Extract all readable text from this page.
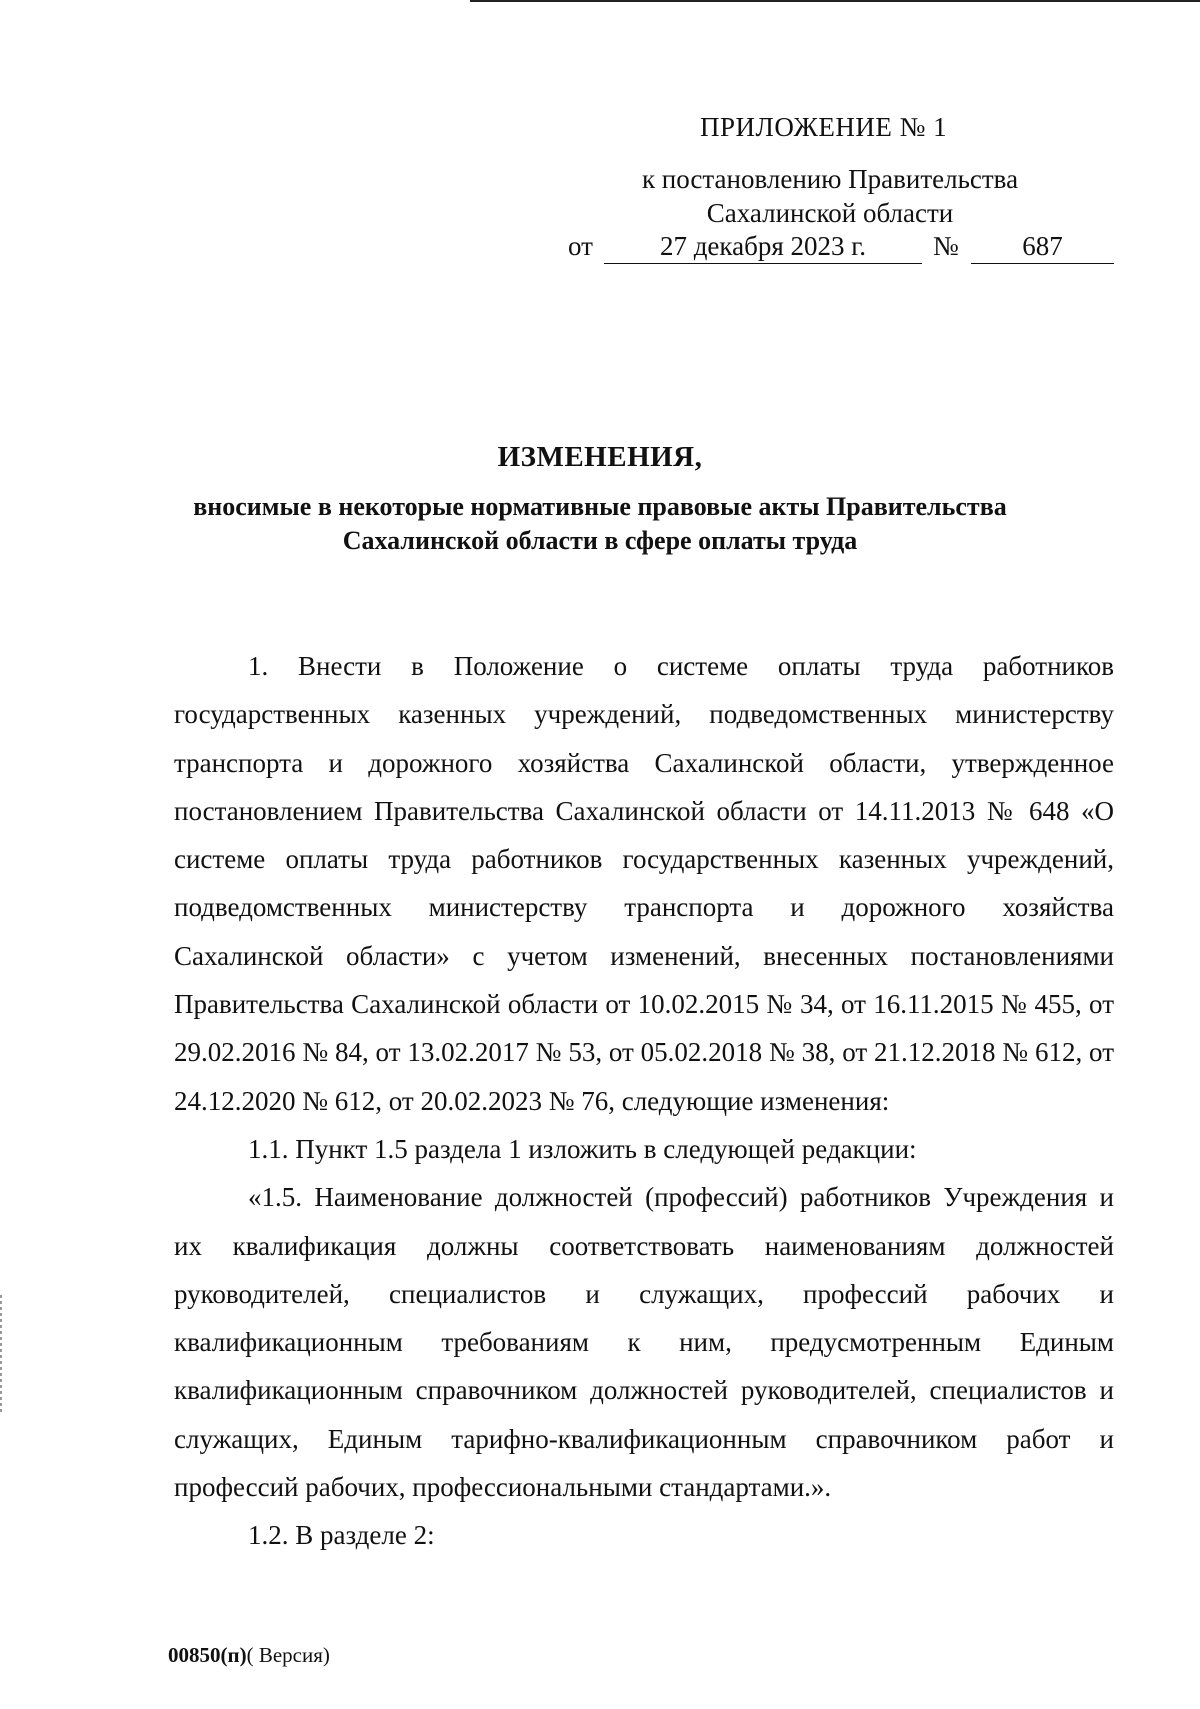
ПРИЛОЖЕНИЕ № 1
к постановлению Правительства
Сахалинской области
от	27 декабря 2023 г.	№	687
ИЗМЕНЕНИЯ,
вносимые в некоторые нормативные правовые акты Правительства
Сахалинской области в сфере оплаты труда

1. Внести в Положение о системе оплаты труда работников государственных казенных учреждений, подведомственных министерству транспорта и дорожного хозяйства Сахалинской области, утвержденное постановлением Правительства Сахалинской области от 14.11.2013 № 648 «О системе оплаты труда работников государственных казенных учреждений, подведомственных министерству транспорта и дорожного хозяйства Сахалинской области» с учетом изменений, внесенных постановлениями Правительства Сахалинской области от 10.02.2015 № 34, от 16.11.2015 № 455, от 29.02.2016 № 84, от 13.02.2017 № 53, от 05.02.2018 № 38, от 21.12.2018 № 612, от 24.12.2020 № 612, от 20.02.2023 № 76, следующие изменения:

1.1. Пункт 1.5 раздела 1 изложить в следующей редакции:

«1.5. Наименование должностей (профессий) работников Учреждения и их квалификация должны соответствовать наименованиям должностей руководителей, специалистов и служащих, профессий рабочих и квалификационным требованиям к ним, предусмотренным Единым квалификационным справочником должностей руководителей, специалистов и служащих, Единым тарифно-квалификационным справочником работ и профессий рабочих, профессиональными стандартами.».

1.2. В разделе 2:

00850(п)( Версия)
